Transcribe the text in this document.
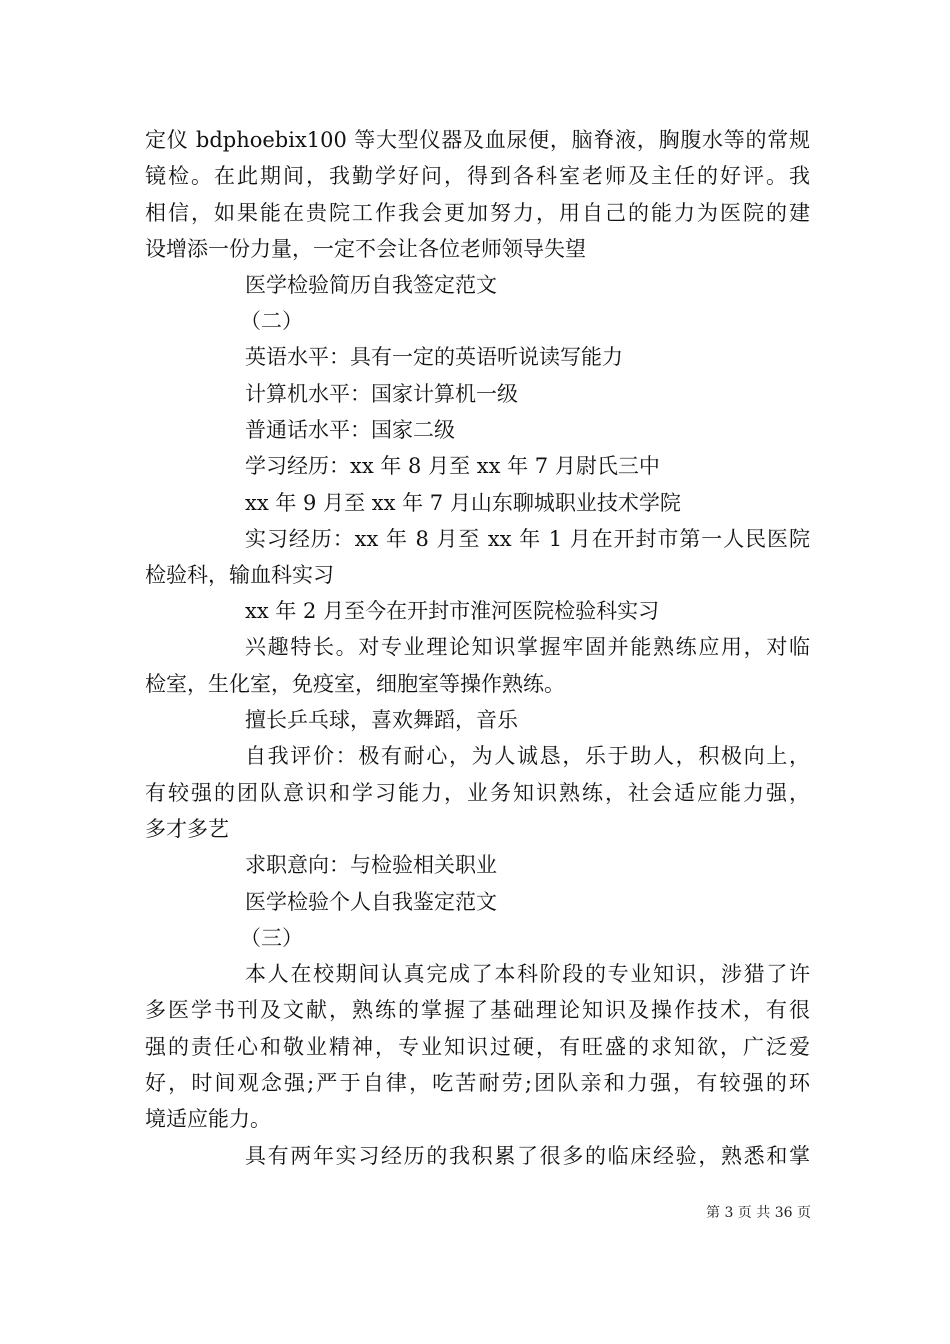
定仪 bdphoebix100 等大型仪器及血尿便，脑脊液，胸腹水等的常规
镜检。在此期间，我勤学好问，得到各科室老师及主任的好评。我
相信，如果能在贵院工作我会更加努力，用自己的能力为医院的建
设增添一份力量，一定不会让各位老师领导失望
医学检验简历自我签定范文
（二）
英语水平：具有一定的英语听说读写能力
计算机水平：国家计算机一级
普通话水平：国家二级
学习经历：xx 年 8 月至 xx 年 7 月尉氏三中
xx 年 9 月至 xx 年 7 月山东聊城职业技术学院
实习经历：xx 年 8 月至 xx 年 1 月在开封市第一人民医院
检验科，输血科实习
xx 年 2 月至今在开封市淮河医院检验科实习
兴趣特长。对专业理论知识掌握牢固并能熟练应用，对临
检室，生化室，免疫室，细胞室等操作熟练。
擅长乒乓球，喜欢舞蹈，音乐
自我评价：极有耐心，为人诚恳，乐于助人，积极向上，
有较强的团队意识和学习能力，业务知识熟练，社会适应能力强，
多才多艺
求职意向：与检验相关职业
医学检验个人自我鉴定范文
（三）
本人在校期间认真完成了本科阶段的专业知识，涉猎了许
多医学书刊及文献，熟练的掌握了基础理论知识及操作技术，有很
强的责任心和敬业精神，专业知识过硬，有旺盛的求知欲，广泛爱
好，时间观念强;严于自律，吃苦耐劳;团队亲和力强，有较强的环
境适应能力。
具有两年实习经历的我积累了很多的临床经验，熟悉和掌
第 3 页 共 36 页
